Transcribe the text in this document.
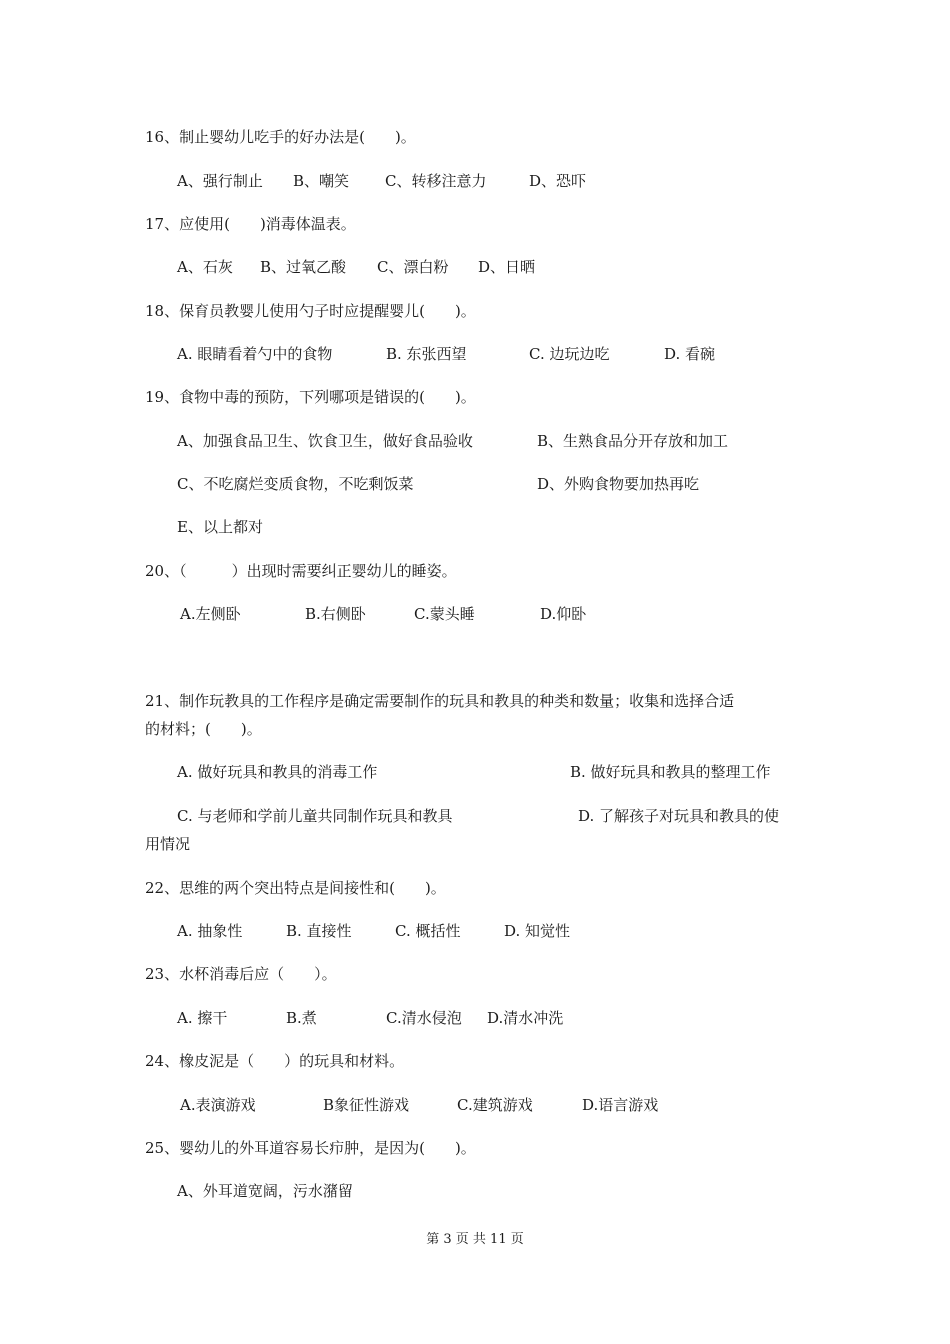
16、制止婴幼儿吃手的好办法是(　　)。
A、强行制止 B、嘲笑 C、转移注意力	D、恐吓
17、应使用(　　)消毒体温表。
A、石灰 B、过氧乙酸 C、漂白粉 D、日晒
18、保育员教婴儿使用勺子时应提醒婴儿(　　)。
A. 眼睛看着勺中的食物	B. 东张西望	C. 边玩边吃	D. 看碗
19、食物中毒的预防，下列哪项是错误的(　　)。
A、加强食品卫生、饮食卫生，做好食品验收	B、生熟食品分开存放和加工
C、不吃腐烂变质食物，不吃剩饭菜	D、外购食物要加热再吃
E、以上都对
20、（　　　）出现时需要纠正婴幼儿的睡姿。
A.左侧卧	B.右侧卧	C.蒙头睡	D.仰卧
21、制作玩教具的工作程序是确定需要制作的玩具和教具的种类和数量；收集和选择合适
的材料；(　　)。
A. 做好玩具和教具的消毒工作	B. 做好玩具和教具的整理工作
C. 与老师和学前儿童共同制作玩具和教具	D. 了解孩子对玩具和教具的使
用情况
22、思维的两个突出特点是间接性和(　　)。
A. 抽象性	B. 直接性	C. 概括性	D. 知觉性
23、水杯消毒后应（　　）。
A. 擦干	B.煮	C.清水侵泡 D.清水冲洗
24、橡皮泥是（　　）的玩具和材料。
A.表演游戏	B象征性游戏	C.建筑游戏	D.语言游戏
25、婴幼儿的外耳道容易长疖肿，是因为(　　)。
A、外耳道宽阔，污水潴留
第 3 页 共 11 页
